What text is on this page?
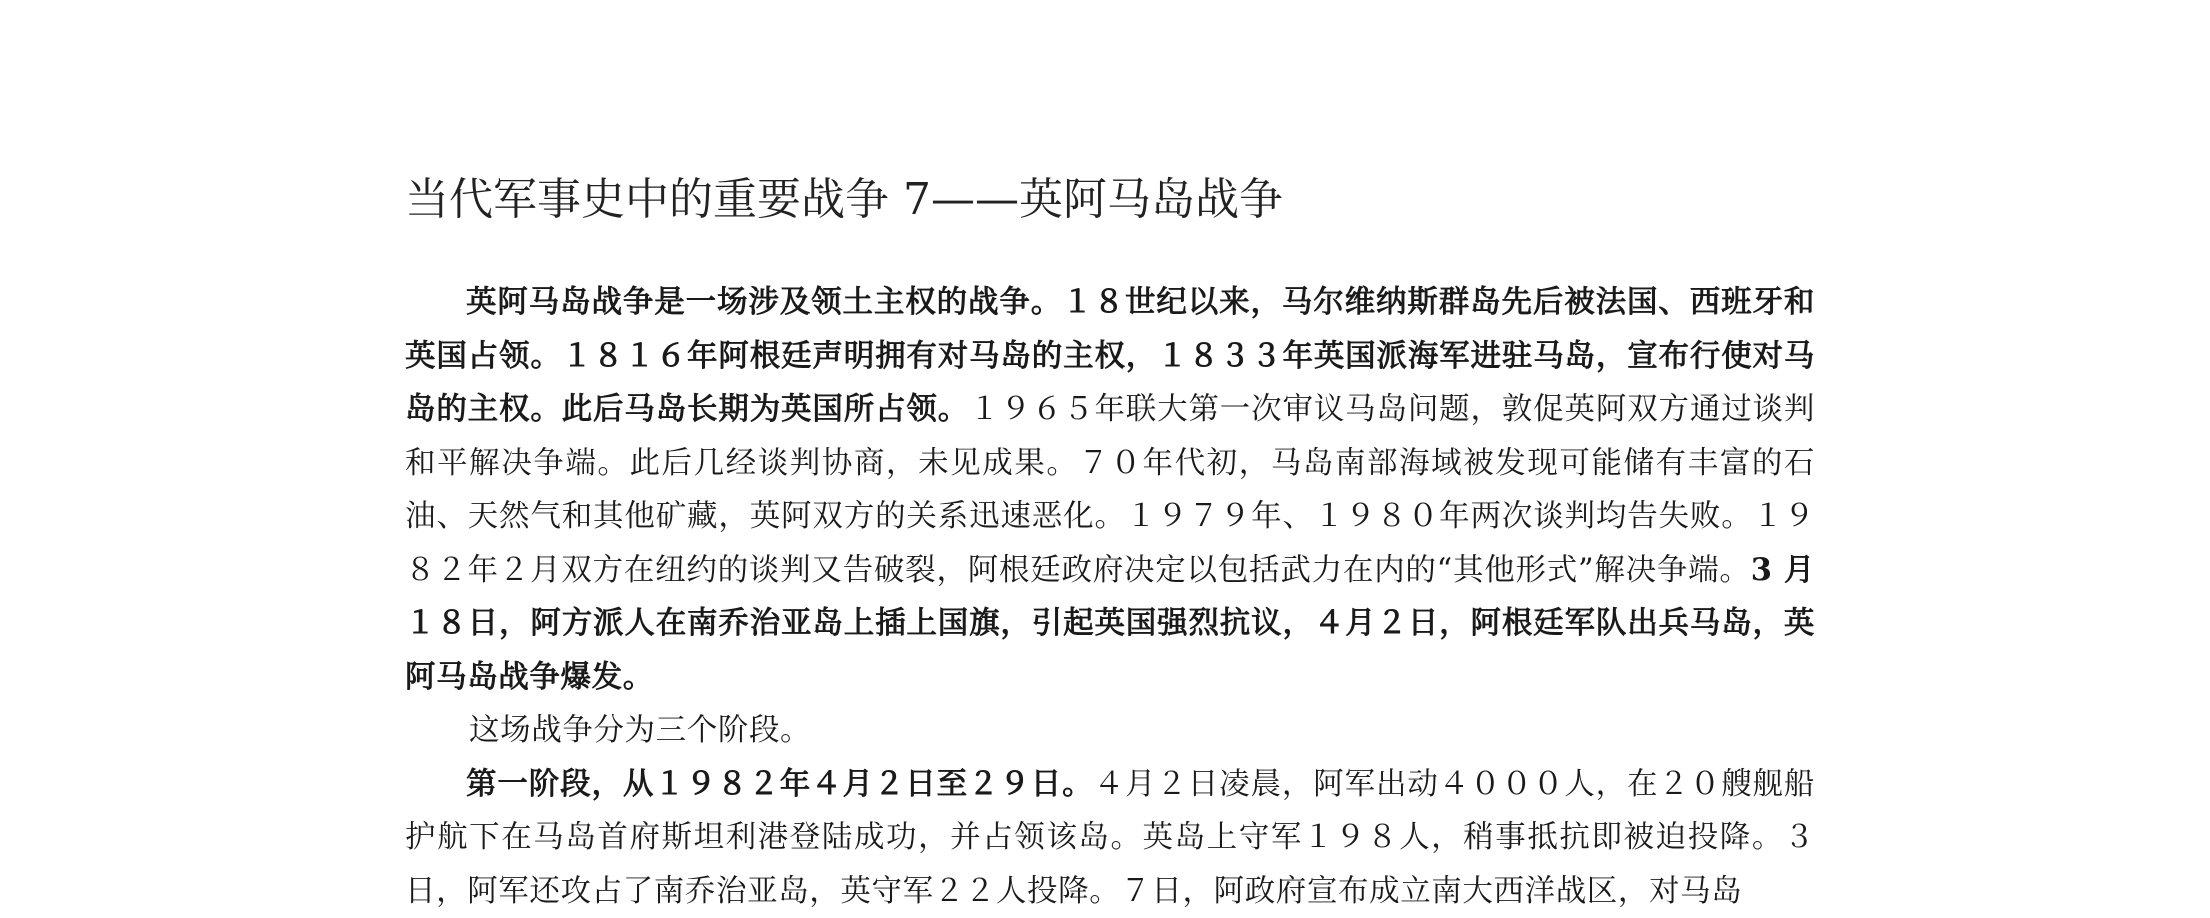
当代军事史中的重要战争 7——英阿马岛战争

英阿马岛战争是一场涉及领土主权的战争。１８世纪以来，马尔维纳斯群岛先后被法国、西班牙和英国占领。１８１６年阿根廷声明拥有对马岛的主权，１８３３年英国派海军进驻马岛，宣布行使对马岛的主权。此后马岛长期为英国所占领。１９６５年联大第一次审议马岛问题，敦促英阿双方通过谈判和平解决争端。此后几经谈判协商，未见成果。７０年代初，马岛南部海域被发现可能储有丰富的石油、天然气和其他矿藏，英阿双方的关系迅速恶化。１９７９年、１９８０年两次谈判均告失败。１９８２年２月双方在纽约的谈判又告破裂，阿根廷政府决定以包括武力在内的“其他形式”解决争端。3 月１８日，阿方派人在南乔治亚岛上插上国旗，引起英国强烈抗议，４月２日，阿根廷军队出兵马岛，英阿马岛战争爆发。

这场战争分为三个阶段。

第一阶段，从１９８２年４月２日至２９日。４月２日凌晨，阿军出动４０００人，在２０艘舰船护航下在马岛首府斯坦利港登陆成功，并占领该岛。英岛上守军１９８人，稍事抵抗即被迫投降。３日，阿军还攻占了南乔治亚岛，英守军２２人投降。７日，阿政府宣布成立南大西洋战区，对马岛
